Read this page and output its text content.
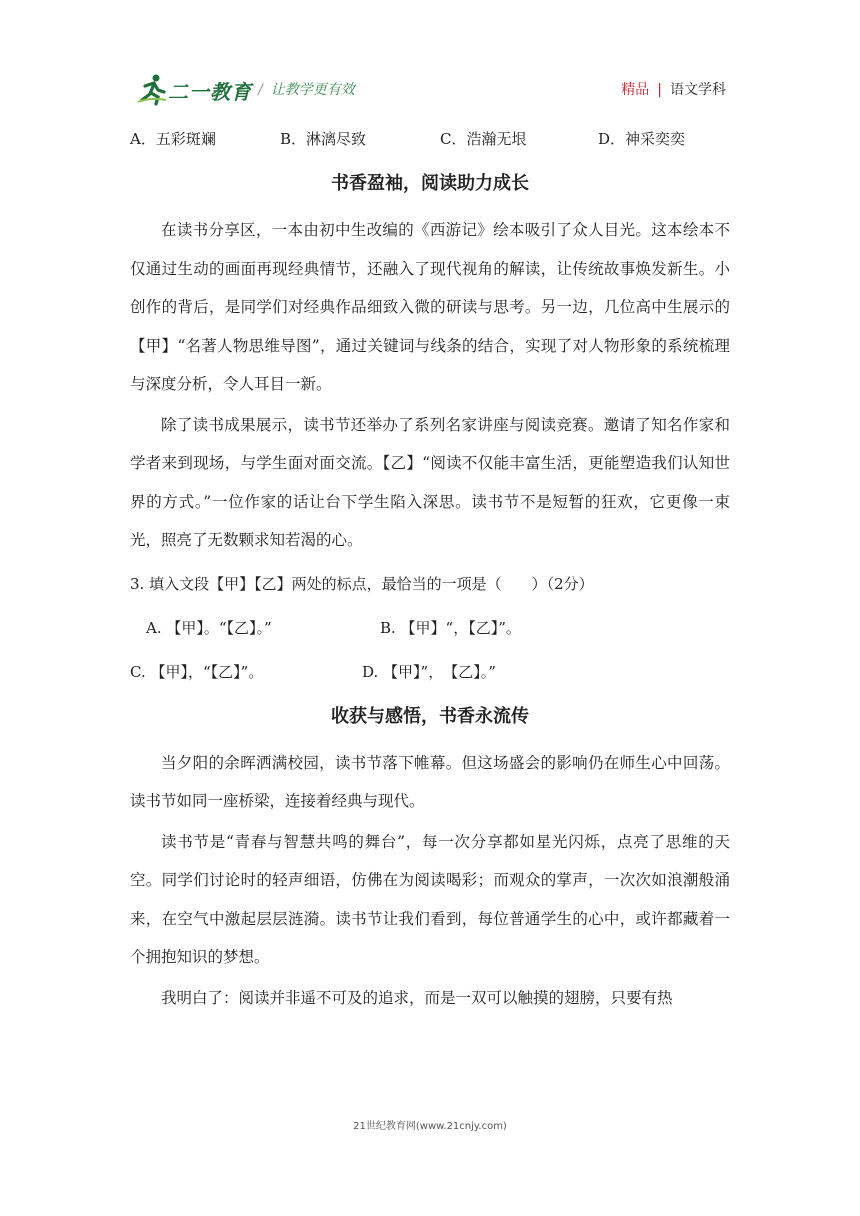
二一教育 / 让教学更有效	精品 | 语文学科
A．五彩斑斓	B．淋漓尽致	C．浩瀚无垠	D．神采奕奕
书香盈袖，阅读助力成长

在读书分享区，一本由初中生改编的《西游记》绘本吸引了众人目光。这本绘本不仅通过生动的画面再现经典情节，还融入了现代视角的解读，让传统故事焕发新生。小创作的背后，是同学们对经典作品细致入微的研读与思考。另一边，几位高中生展示的【甲】“名著人物思维导图”，通过关键词与线条的结合，实现了对人物形象的系统梳理与深度分析，令人耳目一新。

除了读书成果展示，读书节还举办了系列名家讲座与阅读竞赛。邀请了知名作家和学者来到现场，与学生面对面交流。【乙】“阅读不仅能丰富生活，更能塑造我们认知世界的方式。”一位作家的话让台下学生陷入深思。读书节不是短暂的狂欢，它更像一束光，照亮了无数颗求知若渴的心。

3. 填入文段【甲】【乙】两处的标点，最恰当的一项是（　　）（2分）
A. 【甲】。“【乙】。”	B. 【甲】“，【乙】”。
C. 【甲】，“【乙】”。	D. 【甲】”，　【乙】。”
收获与感悟，书香永流传

当夕阳的余晖洒满校园，读书节落下帷幕。但这场盛会的影响仍在师生心中回荡。读书节如同一座桥梁，连接着经典与现代。

读书节是“青春与智慧共鸣的舞台”，每一次分享都如星光闪烁，点亮了思维的天空。同学们讨论时的轻声细语，仿佛在为阅读喝彩；而观众的掌声，一次次如浪潮般涌来，在空气中激起层层涟漪。读书节让我们看到，每位普通学生的心中，或许都藏着一个拥抱知识的梦想。

我明白了：阅读并非遥不可及的追求，而是一双可以触摸的翅膀，只要有热

21世纪教育网(www.21cnjy.com)
